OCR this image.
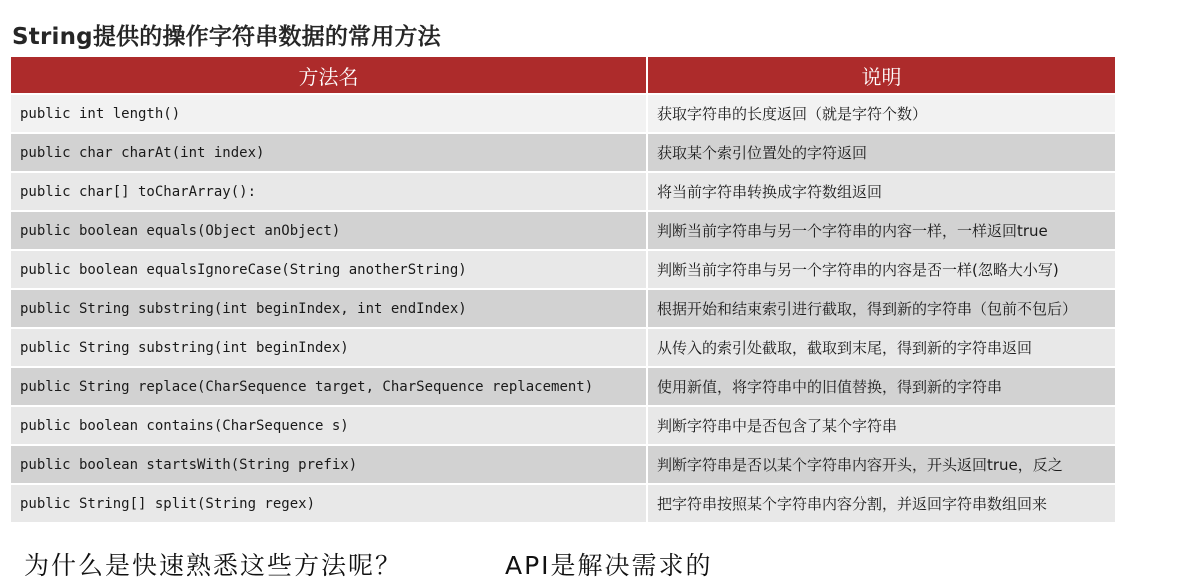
String提供的操作字符串数据的常用方法
方法名	说明
public int length()	获取字符串的长度返回（就是字符个数）
public char charAt(int index)	获取某个索引位置处的字符返回
public char[] toCharArray():	将当前字符串转换成字符数组返回
public boolean equals(Object anObject)	判断当前字符串与另一个字符串的内容一样，一样返回true
public boolean equalsIgnoreCase(String anotherString)	判断当前字符串与另一个字符串的内容是否一样(忽略大小写)
public String substring(int beginIndex, int endIndex)	根据开始和结束索引进行截取，得到新的字符串（包前不包后）
public String substring(int beginIndex)	从传入的索引处截取，截取到末尾，得到新的字符串返回
public String replace(CharSequence target, CharSequence replacement)	使用新值，将字符串中的旧值替换，得到新的字符串
public boolean contains(CharSequence s)	判断字符串中是否包含了某个字符串
public boolean startsWith(String prefix)	判断字符串是否以某个字符串内容开头，开头返回true，反之
public String[] split(String regex)	把字符串按照某个字符串内容分割，并返回字符串数组回来
为什么是快速熟悉这些方法呢？	API是解决需求的
